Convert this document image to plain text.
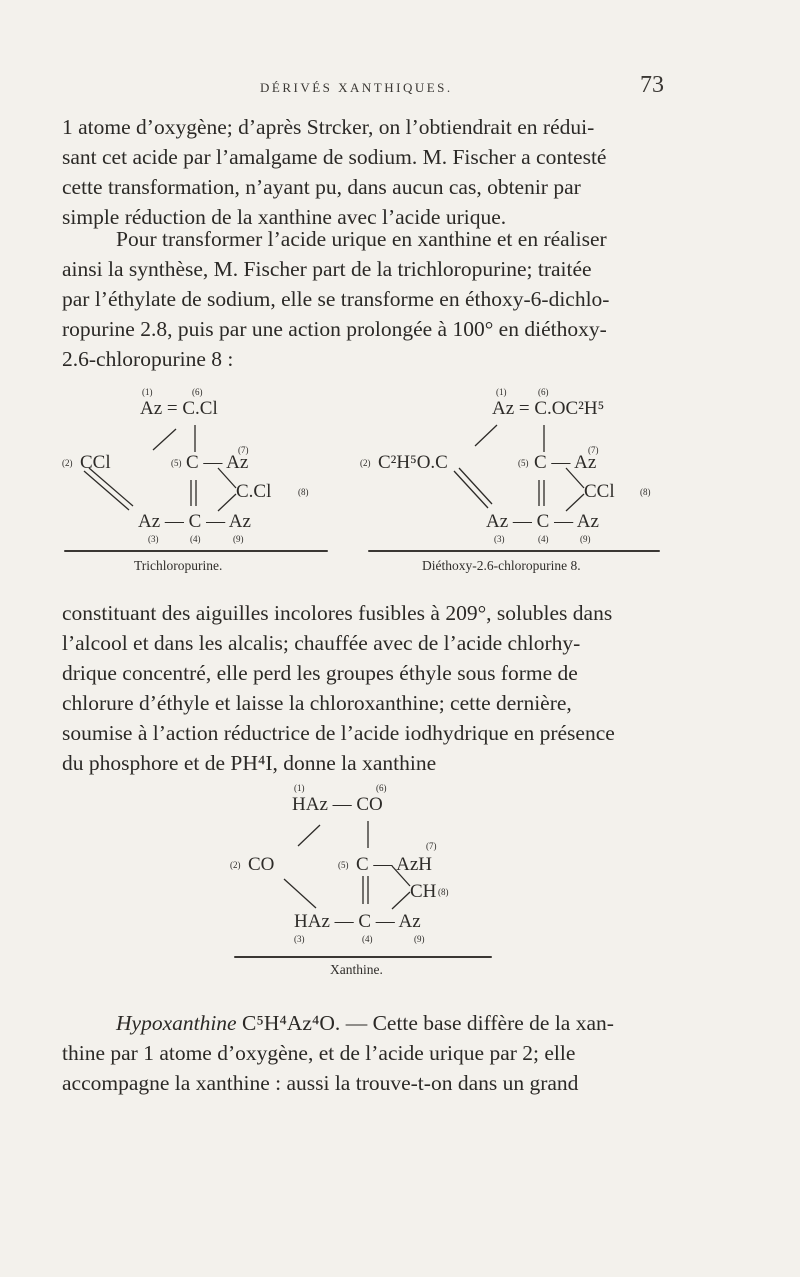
DÉRIVÉS XANTHIQUES.	73

1 atome d’oxygène; d’après Strcker, on l’obtiendrait en rédui-
sant cet acide par l’amalgame de sodium. M. Fischer a contesté
cette transformation, n’ayant pu, dans aucun cas, obtenir par
simple réduction de la xanthine avec l’acide urique.

Pour transformer l’acide urique en xanthine et en réaliser
ainsi la synthèse, M. Fischer part de la trichloropurine; traitée
par l’éthylate de sodium, elle se transforme en éthoxy-6-dichlo-
ropurine 2.8, puis par une action prolongée à 100° en diéthoxy-
2.6-chloropurine 8 :

(1)	(6)
Az = C.Cl
(7)
(2) CCl	(5) C — Az
C.Cl	(8)
Az — C — Az
(3)	(4)	(9)
Trichloropurine.
(1)	(6)
Az = C.OC²H⁵
(7)
(2) C²H⁵O.C	(5) C — Az
CCl	(8)
Az — C — Az
(3)	(4)	(9)
Diéthoxy-2.6-chloropurine 8.

constituant des aiguilles incolores fusibles à 209°, solubles dans
l’alcool et dans les alcalis; chauffée avec de l’acide chlorhy-
drique concentré, elle perd les groupes éthyle sous forme de
chlorure d’éthyle et laisse la chloroxanthine; cette dernière,
soumise à l’action réductrice de l’acide iodhydrique en présence
du phosphore et de PH⁴I, donne la xanthine

(1)	(6)
HAz — CO
(7)
(2) CO	(5) C — AzH
CH (8)
HAz — C — Az
(3)	(4)	(9)
Xanthine.

Hypoxanthine C⁵H⁴Az⁴O. — Cette base diffère de la xan-
thine par 1 atome d’oxygène, et de l’acide urique par 2; elle
accompagne la xanthine : aussi la trouve-t-on dans un grand
